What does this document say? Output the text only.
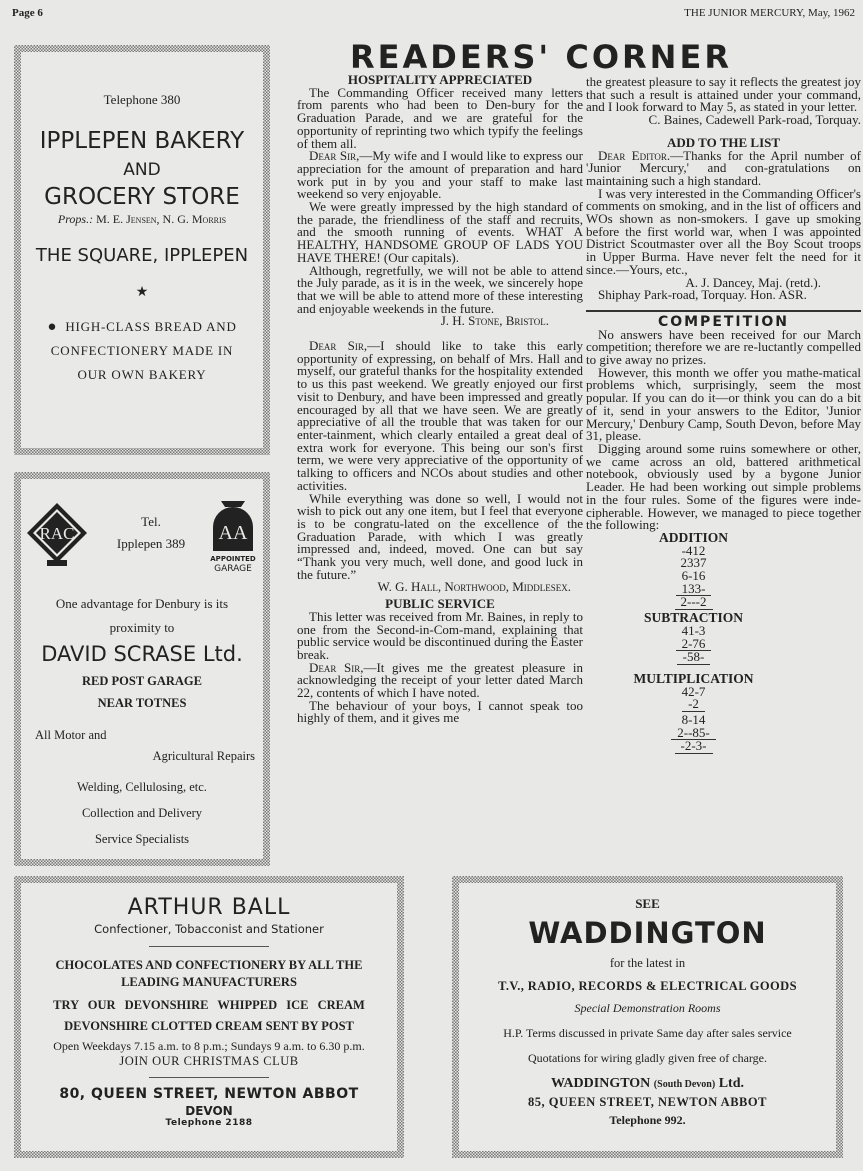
Page 6	THE JUNIOR MERCURY, May, 1962
READERS' CORNER
Telephone 380
IPPLEPEN BAKERY
AND
GROCERY STORE
Props.: M. E. Jensen, N. G. Morris
THE SQUARE, IPPLEPEN
★
● HIGH-CLASS BREAD AND
CONFECTIONERY MADE IN
OUR OWN BAKERY
RAC
Tel.
Ipplepen 389	AA
APPOINTED
GARAGE
One advantage for Denbury is its
proximity to
DAVID SCRASE Ltd.
RED POST GARAGE
NEAR TOTNES
All Motor and
Agricultural Repairs
Welding, Cellulosing, etc.
Collection and Delivery
Service Specialists
HOSPITALITY APPRECIATED

The Commanding Officer received many letters from parents who had been to Den-bury for the Graduation Parade, and we are grateful for the opportunity of reprinting two which typify the feelings of them all.

Dear Sir,—My wife and I would like to express our appreciation for the amount of preparation and hard work put in by you and your staff to make last weekend so very enjoyable.

We were greatly impressed by the high standard of the parade, the friendliness of the staff and recruits, and the smooth running of events. WHAT A HEALTHY, HANDSOME GROUP OF LADS YOU HAVE THERE! (Our capitals).

Although, regretfully, we will not be able to attend the July parade, as it is in the week, we sincerely hope that we will be able to attend more of these interesting and enjoyable weekends in the future.

J. H. Stone, Bristol.

Dear Sir,—I should like to take this early opportunity of expressing, on behalf of Mrs. Hall and myself, our grateful thanks for the hospitality extended to us this past weekend. We greatly enjoyed our first visit to Denbury, and have been impressed and greatly encouraged by all that we have seen. We are greatly appreciative of all the trouble that was taken for our enter-tainment, which clearly entailed a great deal of extra work for everyone. This being our son's first term, we were very appreciative of the opportunity of talking to officers and NCOs about studies and other activities.

While everything was done so well, I would not wish to pick out any one item, but I feel that everyone is to be congratu-lated on the excellence of the Graduation Parade, with which I was greatly impressed and, indeed, moved. One can but say “Thank you very much, well done, and good luck in the future.”

W. G. Hall, Northwood, Middlesex.

PUBLIC SERVICE

This letter was received from Mr. Baines, in reply to one from the Second-in-Com-mand, explaining that public service would be discontinued during the Easter break.

Dear Sir,—It gives me the greatest pleasure in acknowledging the receipt of your letter dated March 22, contents of which I have noted.

The behaviour of your boys, I cannot speak too highly of them, and it gives me

the greatest pleasure to say it reflects the greatest joy that such a result is attained under your command, and I look forward to May 5, as stated in your letter.

C. Baines, Cadewell Park-road, Torquay.

ADD TO THE LIST

Dear Editor.—Thanks for the April number of 'Junior Mercury,' and con-gratulations on maintaining such a high standard.

I was very interested in the Commanding Officer's comments on smoking, and in the list of officers and WOs shown as non-smokers. I gave up smoking before the first world war, when I was appointed District Scoutmaster over all the Boy Scout troops in Upper Burma. Have never felt the need for it since.—Yours, etc.,

A. J. Dancey, Maj. (retd.).

Shiphay Park-road, Torquay. Hon. ASR.

COMPETITION

No answers have been received for our March competition; therefore we are re-luctantly compelled to give away no prizes.

However, this month we offer you mathe-matical problems which, surprisingly, seem the most popular. If you can do it—or think you can do a bit of it, send in your answers to the Editor, 'Junior Mercury,' Denbury Camp, South Devon, before May 31, please.

Digging around some ruins somewhere or other, we came across an old, battered arithmetical notebook, obviously used by a bygone Junior Leader. He had been working out simple problems in the four rules. Some of the figures were inde-cipherable. However, we managed to piece together the following:

ADDITION
-412
2337
6-16
133-
2---2
SUBTRACTION
41-3
2-76
-58-
MULTIPLICATION
42-7
-2
8-14
2--85-
-2-3-
ARTHUR BALL
Confectioner, Tobacconist and Stationer
CHOCOLATES AND CONFECTIONERY BY ALL THE
LEADING MANUFACTURERS
TRY OUR DEVONSHIRE WHIPPED ICE CREAM
DEVONSHIRE CLOTTED CREAM SENT BY POST
Open Weekdays 7.15 a.m. to 8 p.m.; Sundays 9 a.m. to 6.30 p.m.
JOIN OUR CHRISTMAS CLUB
80, QUEEN STREET, NEWTON ABBOT
DEVON
Telephone 2188
SEE
WADDINGTON
for the latest in
T.V., RADIO, RECORDS & ELECTRICAL GOODS
Special Demonstration Rooms
H.P. Terms discussed in private Same day after sales service
Quotations for wiring gladly given free of charge.
WADDINGTON (South Devon) Ltd.
85, QUEEN STREET, NEWTON ABBOT
Telephone 992.
